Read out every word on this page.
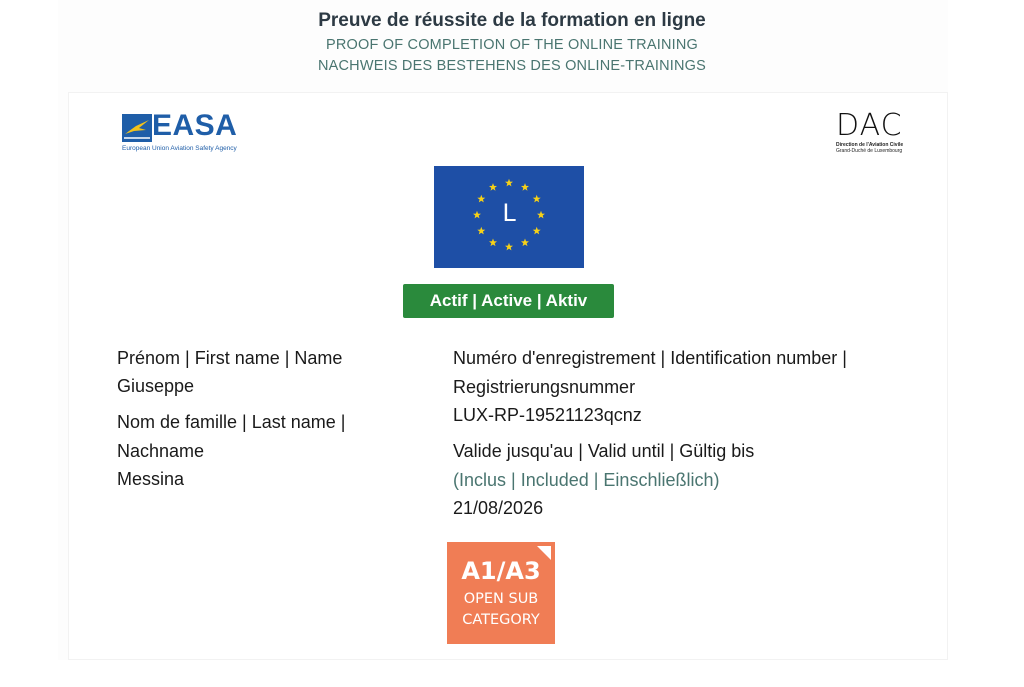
Preuve de réussite de la formation en ligne
PROOF OF COMPLETION OF THE ONLINE TRAINING
NACHWEIS DES BESTEHENS DES ONLINE-TRAININGS
EASA
European Union Aviation Safety Agency
DAC
Direction de l'Aviation Civile
Grand-Duché de Luxembourg
L
Actif | Active | Aktiv
Prénom | First name | Name
Giuseppe
Nom de famille | Last name |
Nachname
Messina
Numéro d'enregistrement | Identification number |
Registrierungsnummer
LUX-RP-19521123qcnz
Valide jusqu'au | Valid until | Gültig bis
(Inclus | Included | Einschließlich)
21/08/2026
A1/A3
OPEN SUB
CATEGORY
